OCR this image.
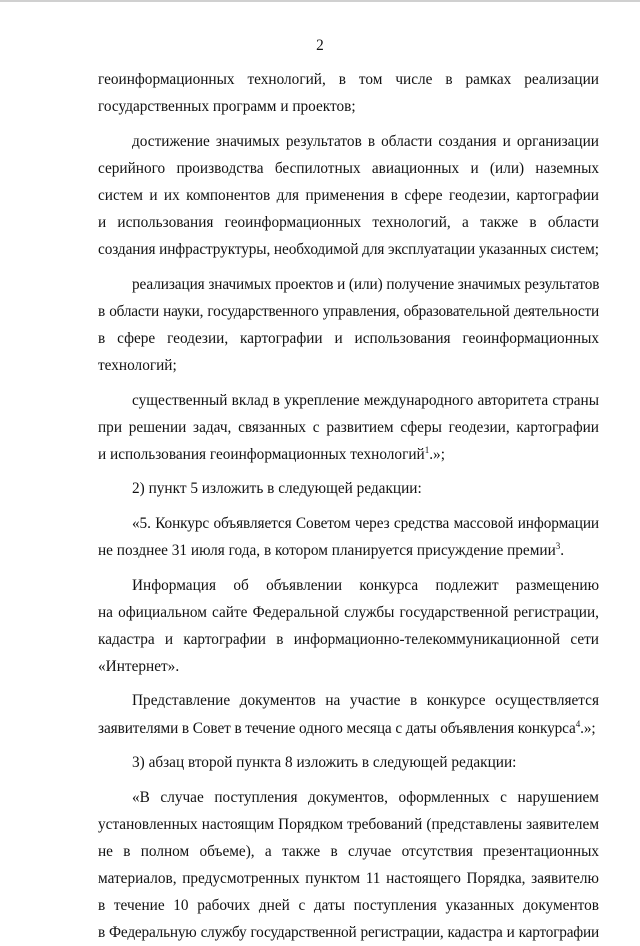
2
геоинформационных технологий, в том числе в рамках реализации
государственных программ и проектов;
достижение значимых результатов в области создания и организации
серийного производства беспилотных авиационных и (или) наземных
систем и их компонентов для применения в сфере геодезии, картографии
и использования геоинформационных технологий, а также в области
создания инфраструктуры, необходимой для эксплуатации указанных систем;
реализация значимых проектов и (или) получение значимых результатов
в области науки, государственного управления, образовательной деятельности
в сфере геодезии, картографии и использования геоинформационных
технологий;
существенный вклад в укрепление международного авторитета страны
при решении задач, связанных с развитием сферы геодезии, картографии
и использования геоинформационных технологий$^1$.»;
2) пункт 5 изложить в следующей редакции:
«5. Конкурс объявляется Советом через средства массовой информации
не позднее 31 июля года, в котором планируется присуждение премии$^3$.
Информация об объявлении конкурса подлежит размещению
на официальном сайте Федеральной службы государственной регистрации,
кадастра и картографии в информационно-телекоммуникационной сети
«Интернет».
Представление документов на участие в конкурсе осуществляется
заявителями в Совет в течение одного месяца с даты объявления конкурса$^4$.»;
3) абзац второй пункта 8 изложить в следующей редакции:
«В случае поступления документов, оформленных с нарушением
установленных настоящим Порядком требований (представлены заявителем
не в полном объеме), а также в случае отсутствия презентационных
материалов, предусмотренных пунктом 11 настоящего Порядка, заявителю
в течение 10 рабочих дней с даты поступления указанных документов
в Федеральную службу государственной регистрации, кадастра и картографии
